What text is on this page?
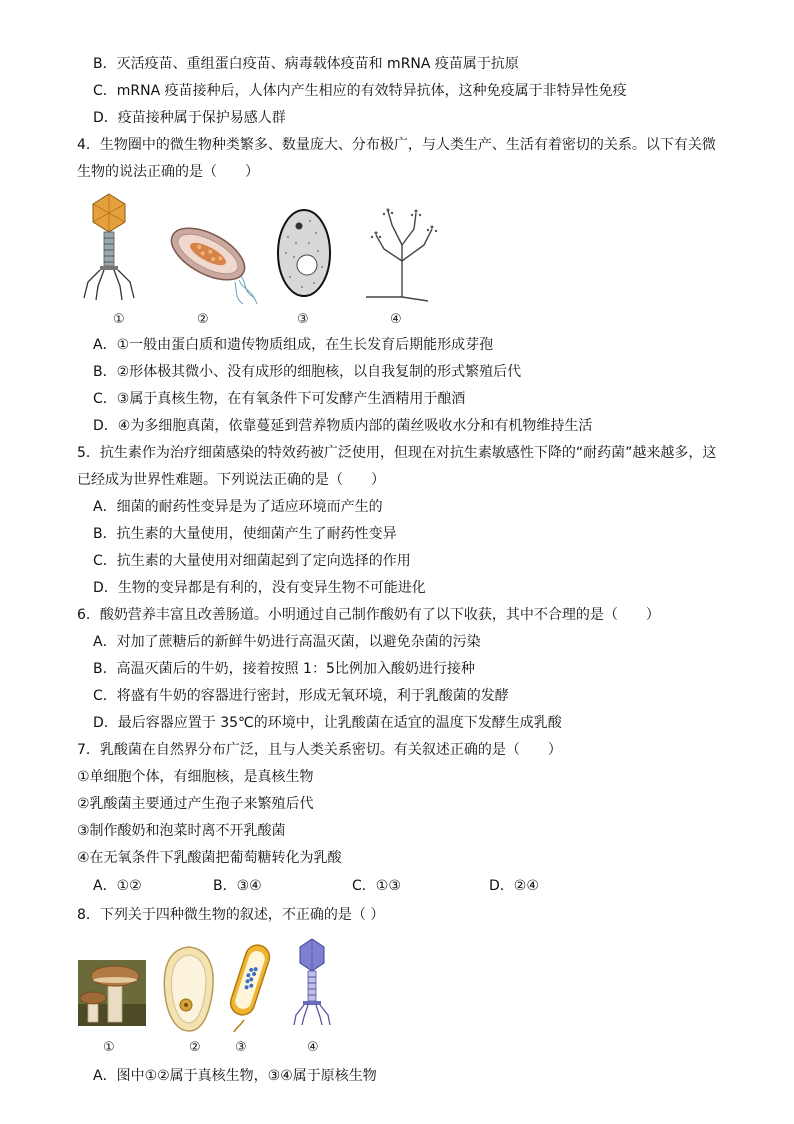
B．灭活疫苗、重组蛋白疫苗、病毒载体疫苗和 mRNA 疫苗属于抗原
C．mRNA 疫苗接种后，人体内产生相应的有效特异抗体，这种免疫属于非特异性免疫
D．疫苗接种属于保护易感人群
4．生物圈中的微生物种类繁多、数量庞大、分布极广，与人类生产、生活有着密切的关系。以下有关微
生物的说法正确的是（　　）
①	②	③	④
A．①一般由蛋白质和遗传物质组成，在生长发育后期能形成芽孢
B．②形体极其微小、没有成形的细胞核，以自我复制的形式繁殖后代
C．③属于真核生物，在有氧条件下可发酵产生酒精用于酿酒
D．④为多细胞真菌，依靠蔓延到营养物质内部的菌丝吸收水分和有机物维持生活
5．抗生素作为治疗细菌感染的特效药被广泛使用，但现在对抗生素敏感性下降的“耐药菌”越来越多，这
已经成为世界性难题。下列说法正确的是（　　）
A．细菌的耐药性变异是为了适应环境而产生的
B．抗生素的大量使用，使细菌产生了耐药性变异
C．抗生素的大量使用对细菌起到了定向选择的作用
D．生物的变异都是有利的，没有变异生物不可能进化
6．酸奶营养丰富且改善肠道。小明通过自己制作酸奶有了以下收获，其中不合理的是（　　）
A．对加了蔗糖后的新鲜牛奶进行高温灭菌，以避免杂菌的污染
B．高温灭菌后的牛奶，接着按照 1：5比例加入酸奶进行接种
C．将盛有牛奶的容器进行密封，形成无氧环境，利于乳酸菌的发酵
D．最后容器应置于 35℃的环境中，让乳酸菌在适宜的温度下发酵生成乳酸
7．乳酸菌在自然界分布广泛，且与人类关系密切。有关叙述正确的是（　　）
①单细胞个体，有细胞核，是真核生物
②乳酸菌主要通过产生孢子来繁殖后代
③制作酸奶和泡菜时离不开乳酸菌
④在无氧条件下乳酸菌把葡萄糖转化为乳酸
A．①②	B．③④	C．①③	D．②④
8．下列关于四种微生物的叙述，不正确的是（ ）
①	②	③	④
A．图中①②属于真核生物，③④属于原核生物
